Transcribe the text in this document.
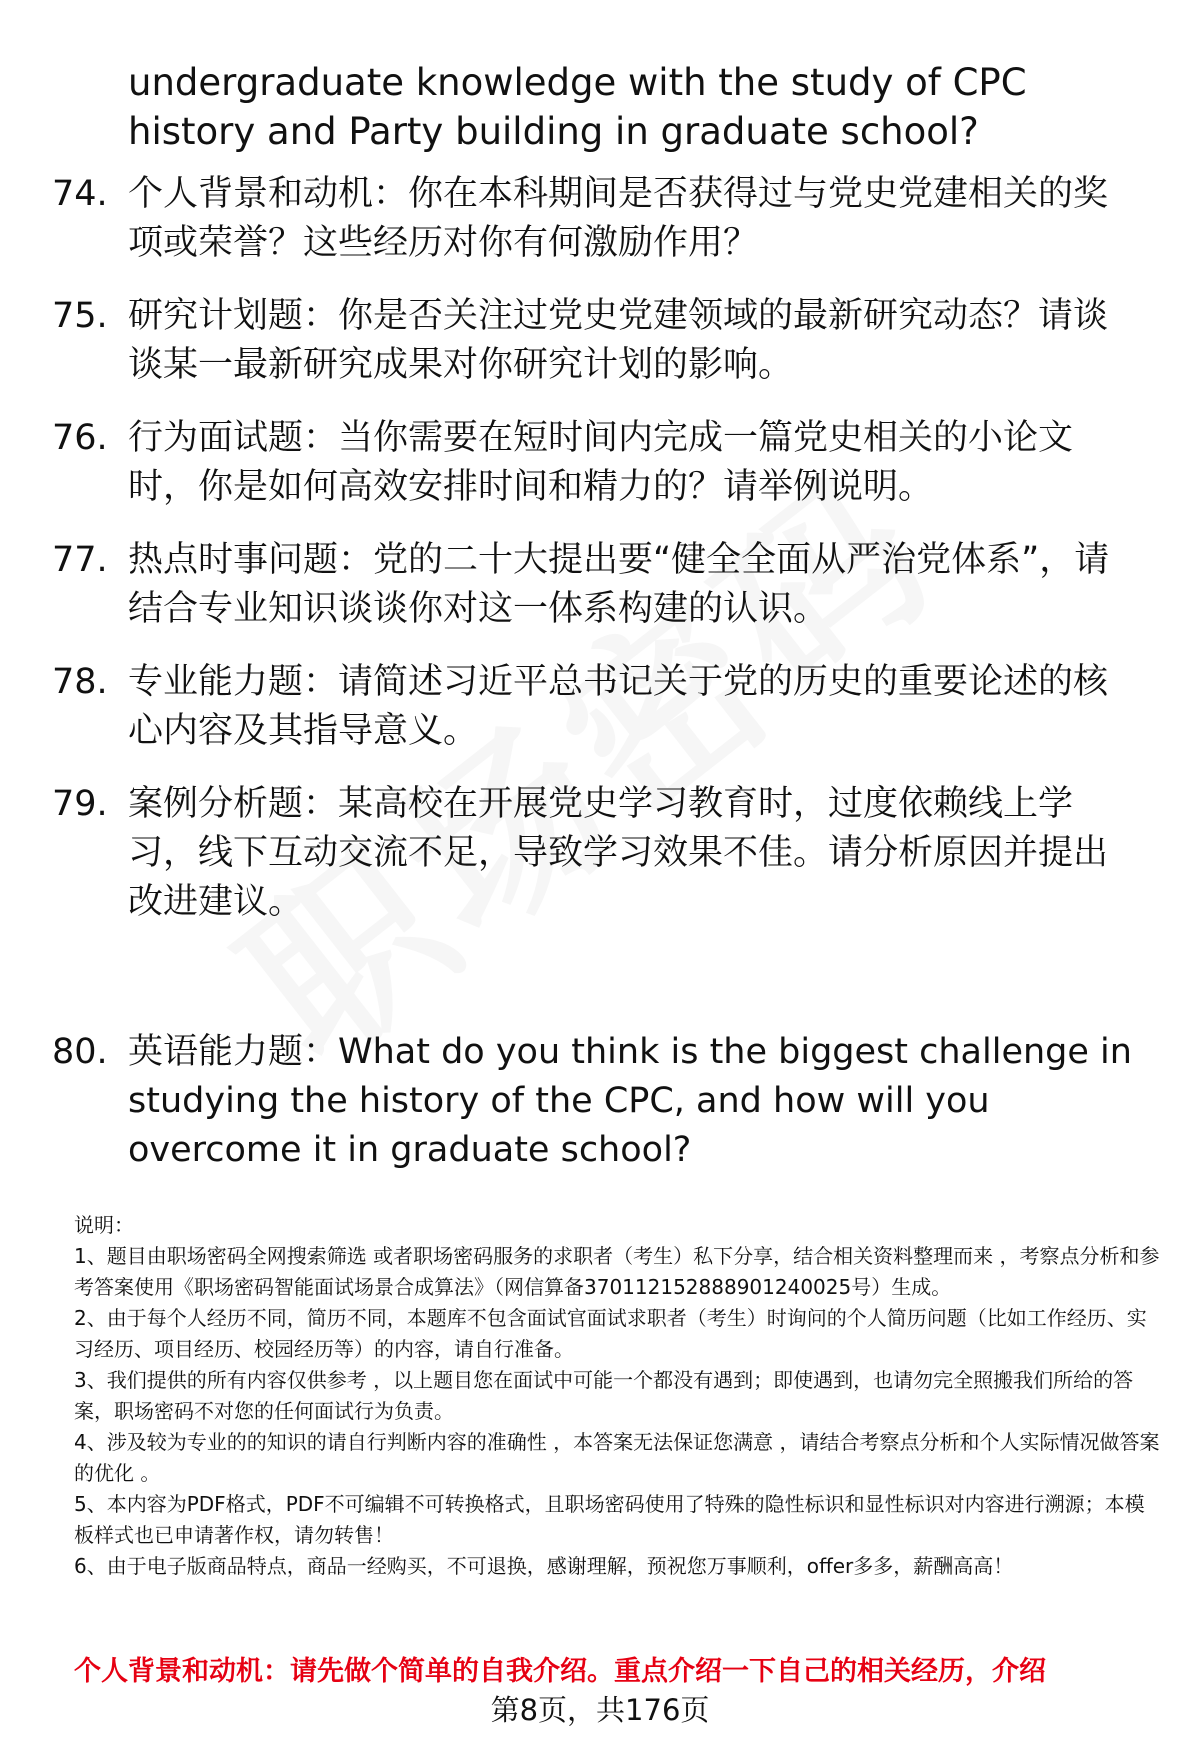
undergraduate knowledge with the study of CPC history and Party building in graduate school?
74. 个人背景和动机：你在本科期间是否获得过与党史党建相关的奖项或荣誉？这些经历对你有何激励作用？
75. 研究计划题：你是否关注过党史党建领域的最新研究动态？请谈谈某一最新研究成果对你研究计划的影响。
76. 行为面试题：当你需要在短时间内完成一篇党史相关的小论文时，你是如何高效安排时间和精力的？请举例说明。
77. 热点时事问题：党的二十大提出要“健全全面从严治党体系”，请结合专业知识谈谈你对这一体系构建的认识。
78. 专业能力题：请简述习近平总书记关于党的历史的重要论述的核心内容及其指导意义。
79. 案例分析题：某高校在开展党史学习教育时，过度依赖线上学习，线下互动交流不足，导致学习效果不佳。请分析原因并提出改进建议。
80. 英语能力题：What do you think is the biggest challenge in studying the history of the CPC, and how will you overcome it in graduate school?

说明：

1、题目由职场密码全网搜索筛选 或者职场密码服务的求职者（考生）私下分享，结合相关资料整理而来 ，考察点分析和参考答案使用《职场密码智能面试场景合成算法》（网信算备370112152888901240025号）生成。

2、由于每个人经历不同，简历不同，本题库不包含面试官面试求职者（考生）时询问的个人简历问题（比如工作经历、实习经历、项目经历、校园经历等）的内容，请自行准备。

3、我们提供的所有内容仅供参考 ，以上题目您在面试中可能一个都没有遇到；即使遇到，也请勿完全照搬我们所给的答案，职场密码不对您的任何面试行为负责。

4、涉及较为专业的的知识的请自行判断内容的准确性 ，本答案无法保证您满意 ，请结合考察点分析和个人实际情况做答案的优化 。

5、本内容为PDF格式，PDF不可编辑不可转换格式，且职场密码使用了特殊的隐性标识和显性标识对内容进行溯源；本模板样式也已申请著作权，请勿转售！

6、由于电子版商品特点，商品一经购买，不可退换，感谢理解，预祝您万事顺利，offer多多，薪酬高高！

个人背景和动机：请先做个简单的自我介绍。重点介绍一下自己的相关经历，介绍
第8页，共176页
